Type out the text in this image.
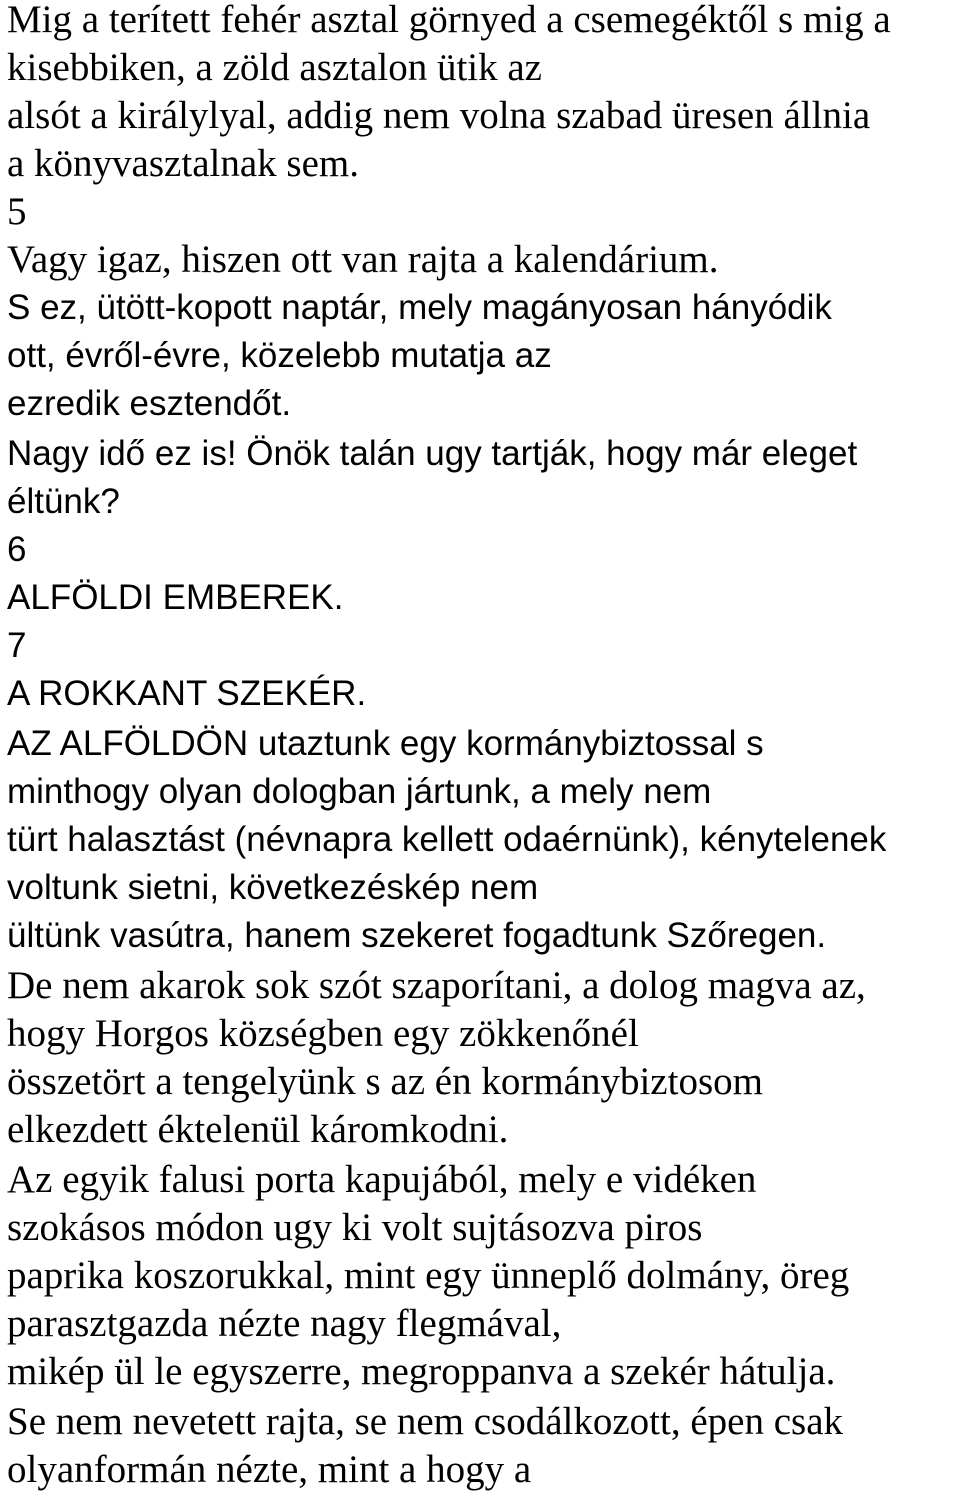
Mig a terített fehér asztal görnyed a csemegéktől s mig a
kisebbiken, a zöld asztalon ütik az
alsót a királylyal, addig nem volna szabad üresen állnia
a könyvasztalnak sem.
5
Vagy igaz, hiszen ott van rajta a kalendárium.
S ez, ütött-kopott naptár, mely magányosan hányódik
ott, évről-évre, közelebb mutatja az
ezredik esztendőt.
Nagy idő ez is! Önök talán ugy tartják, hogy már eleget
éltünk?
6
ALFÖLDI EMBEREK.
7
A ROKKANT SZEKÉR.
AZ ALFÖLDÖN utaztunk egy kormánybiztossal s
minthogy olyan dologban jártunk, a mely nem
türt halasztást (névnapra kellett odaérnünk), kénytelenek
voltunk sietni, következéskép nem
ültünk vasútra, hanem szekeret fogadtunk Szőregen.
De nem akarok sok szót szaporítani, a dolog magva az,
hogy Horgos községben egy zökkenőnél
összetört a tengelyünk s az én kormánybiztosom
elkezdett éktelenül káromkodni.
Az egyik falusi porta kapujából, mely e vidéken
szokásos módon ugy ki volt sujtásozva piros
paprika koszorukkal, mint egy ünneplő dolmány, öreg
parasztgazda nézte nagy flegmával,
mikép ül le egyszerre, megroppanva a szekér hátulja.
Se nem nevetett rajta, se nem csodálkozott, épen csak
olyanformán nézte, mint a hogy a
